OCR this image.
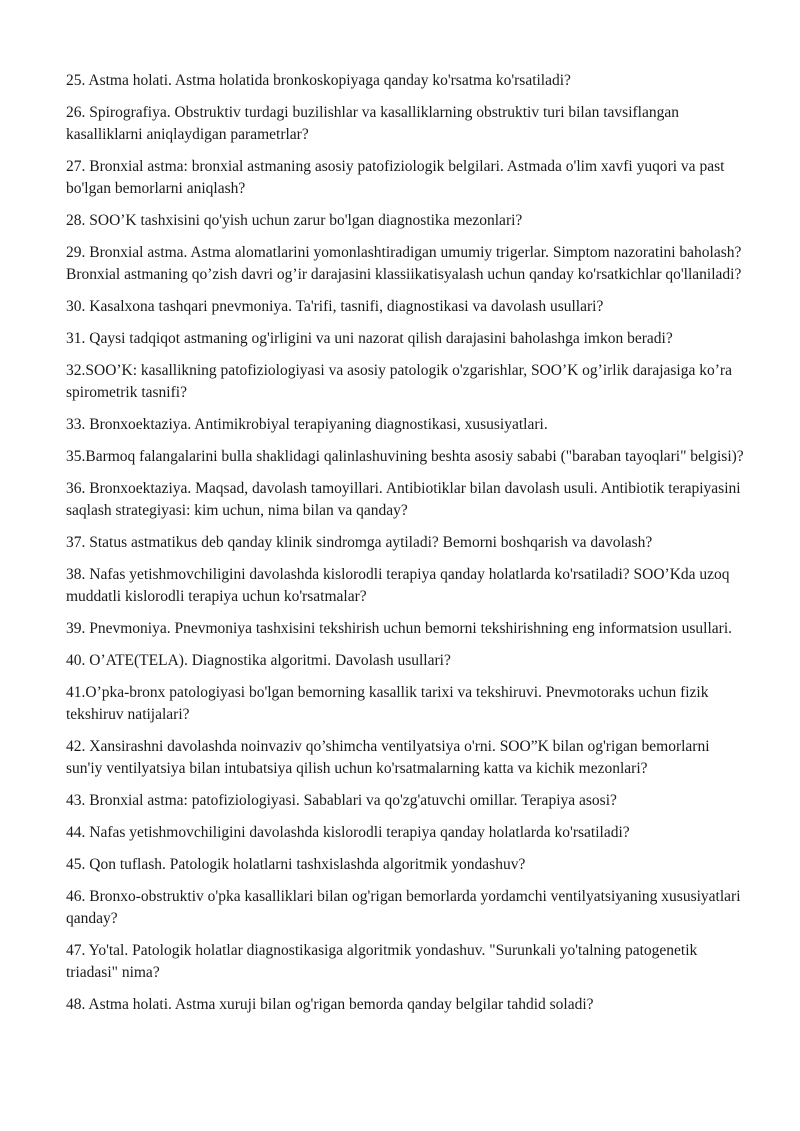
25. Astma holati. Astma holatida bronkoskopiyaga qanday ko'rsatma ko'rsatiladi?

26. Spirografiya. Obstruktiv turdagi buzilishlar va kasalliklarning obstruktiv turi bilan tavsiflangan kasalliklarni aniqlaydigan parametrlar?

27. Bronxial astma: bronxial astmaning asosiy patofiziologik belgilari. Astmada o'lim xavfi yuqori va past bo'lgan bemorlarni aniqlash?

28. SOO’K tashxisini qo'yish uchun zarur bo'lgan diagnostika mezonlari?

29. Bronxial astma. Astma alomatlarini yomonlashtiradigan umumiy trigerlar. Simptom nazoratini baholash? Bronxial astmaning qo’zish davri og’ir darajasini klassiikatisyalash uchun qanday ko'rsatkichlar qo'llaniladi?

30. Kasalxona tashqari pnevmoniya. Ta'rifi, tasnifi, diagnostikasi va davolash usullari?

31. Qaysi tadqiqot astmaning og'irligini va uni nazorat qilish darajasini baholashga imkon beradi?

32.SOO’K: kasallikning patofiziologiyasi va asosiy patologik o'zgarishlar, SOO’K og’irlik darajasiga ko’ra spirometrik tasnifi?

33. Bronxoektaziya. Antimikrobiyal terapiyaning diagnostikasi, xususiyatlari.

35.Barmoq falangalarini bulla shaklidagi qalinlashuvining beshta asosiy sababi ("baraban tayoqlari" belgisi)?

36. Bronxoektaziya. Maqsad, davolash tamoyillari. Antibiotiklar bilan davolash usuli. Antibiotik terapiyasini saqlash strategiyasi: kim uchun, nima bilan va qanday?

37. Status astmatikus deb qanday klinik sindromga aytiladi? Bemorni boshqarish va davolash?

38. Nafas yetishmovchiligini davolashda kislorodli terapiya qanday holatlarda ko'rsatiladi? SOO’Kda uzoq muddatli kislorodli terapiya uchun ko'rsatmalar?

39. Pnevmoniya. Pnevmoniya tashxisini tekshirish uchun bemorni tekshirishning eng informatsion usullari.

40. O’ATE(TELA). Diagnostika algoritmi. Davolash usullari?

41.O’pka-bronx patologiyasi bo'lgan bemorning kasallik tarixi va tekshiruvi. Pnevmotoraks uchun fizik tekshiruv natijalari?

42. Xansirashni davolashda noinvaziv qo’shimcha ventilyatsiya o'rni. SOO”K bilan og'rigan bemorlarni sun'iy ventilyatsiya bilan intubatsiya qilish uchun ko'rsatmalarning katta va kichik mezonlari?

43. Bronxial astma: patofiziologiyasi. Sabablari va qo'zg'atuvchi omillar. Terapiya asosi?

44. Nafas yetishmovchiligini davolashda kislorodli terapiya qanday holatlarda ko'rsatiladi?

45. Qon tuflash. Patologik holatlarni tashxislashda algoritmik yondashuv?

46. Bronxo-obstruktiv o'pka kasalliklari bilan og'rigan bemorlarda yordamchi ventilyatsiyaning xususiyatlari qanday?

47. Yo'tal. Patologik holatlar diagnostikasiga algoritmik yondashuv. "Surunkali yo'talning patogenetik triadasi" nima?

48. Astma holati. Astma xuruji bilan og'rigan bemorda qanday belgilar tahdid soladi?
